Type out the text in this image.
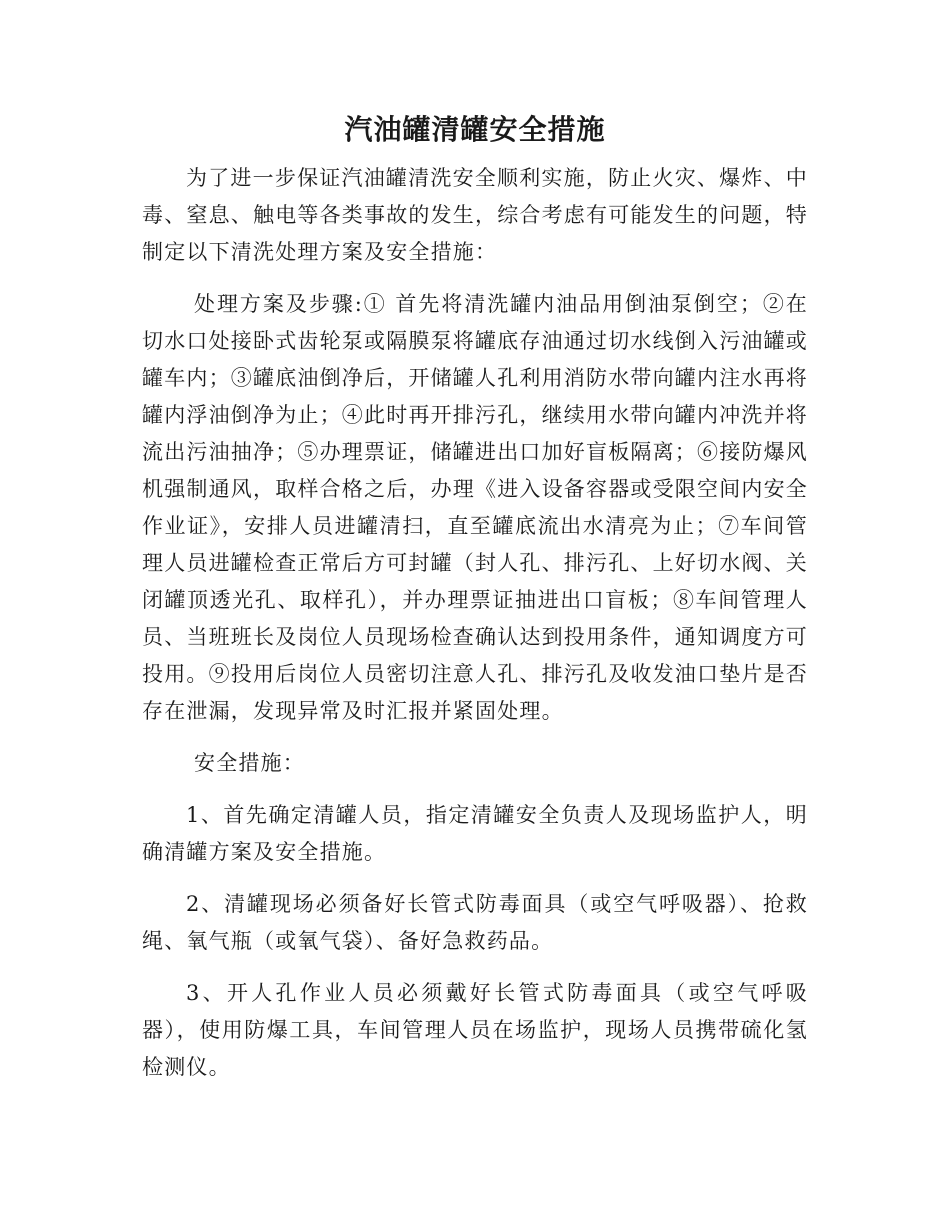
汽油罐清罐安全措施

为了进一步保证汽油罐清洗安全顺利实施，防止火灾、爆炸、中毒、窒息、触电等各类事故的发生，综合考虑有可能发生的问题，特制定以下清洗处理方案及安全措施：

处理方案及步骤:① 首先将清洗罐内油品用倒油泵倒空；②在切水口处接卧式齿轮泵或隔膜泵将罐底存油通过切水线倒入污油罐或罐车内；③罐底油倒净后，开储罐人孔利用消防水带向罐内注水再将罐内浮油倒净为止；④此时再开排污孔，继续用水带向罐内冲洗并将流出污油抽净；⑤办理票证，储罐进出口加好盲板隔离；⑥接防爆风机强制通风，取样合格之后，办理《进入设备容器或受限空间内安全作业证》，安排人员进罐清扫，直至罐底流出水清亮为止；⑦车间管理人员进罐检查正常后方可封罐（封人孔、排污孔、上好切水阀、关闭罐顶透光孔、取样孔），并办理票证抽进出口盲板；⑧车间管理人员、当班班长及岗位人员现场检查确认达到投用条件，通知调度方可投用。⑨投用后岗位人员密切注意人孔、排污孔及收发油口垫片是否存在泄漏，发现异常及时汇报并紧固处理。

安全措施：

1、首先确定清罐人员，指定清罐安全负责人及现场监护人，明确清罐方案及安全措施。

2、清罐现场必须备好长管式防毒面具（或空气呼吸器）、抢救绳、氧气瓶（或氧气袋）、备好急救药品。

3、开人孔作业人员必须戴好长管式防毒面具（或空气呼吸器），使用防爆工具，车间管理人员在场监护，现场人员携带硫化氢检测仪。
